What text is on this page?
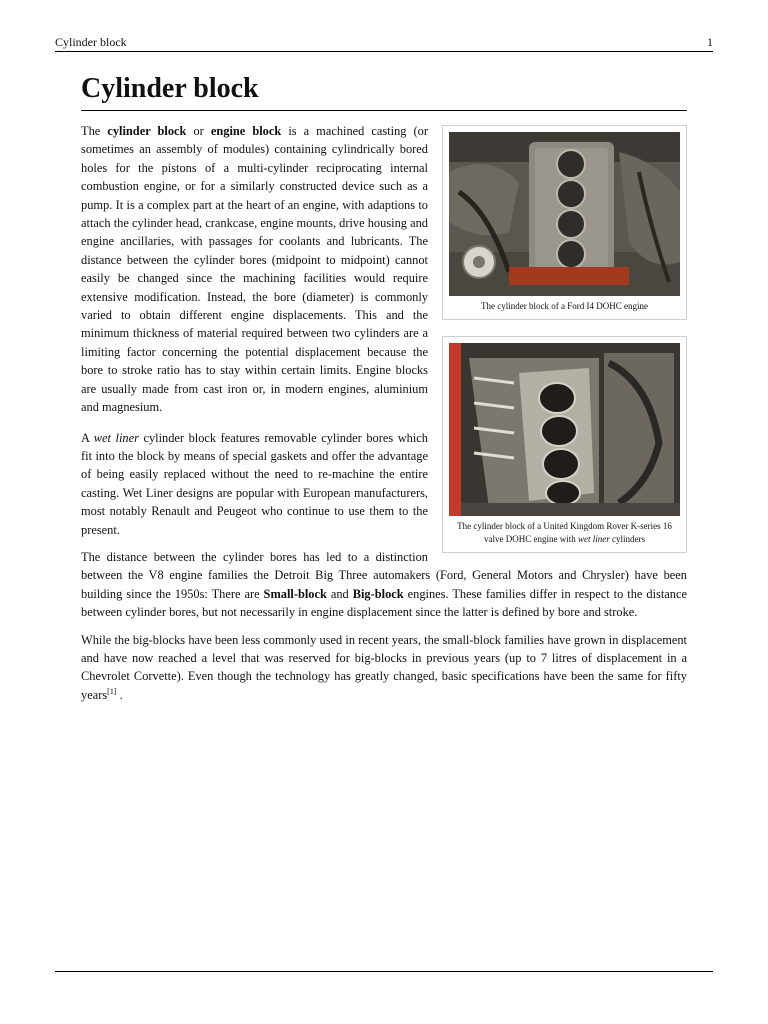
Cylinder block	1
Cylinder block
The cylinder block of a Ford I4 DOHC engine
The cylinder block of a United Kingdom Rover K-series 16 valve DOHC engine with wet liner cylinders

The cylinder block or engine block is a machined casting (or sometimes an assembly of modules) containing cylindrically bored holes for the pistons of a multi-cylinder reciprocating internal combustion engine, or for a similarly constructed device such as a pump. It is a complex part at the heart of an engine, with adaptions to attach the cylinder head, crankcase, engine mounts, drive housing and engine ancillaries, with passages for coolants and lubricants. The distance between the cylinder bores (midpoint to midpoint) cannot easily be changed since the machining facilities would require extensive modification. Instead, the bore (diameter) is commonly varied to obtain different engine displacements. This and the minimum thickness of material required between two cylinders are a limiting factor concerning the potential displacement because the bore to stroke ratio has to stay within certain limits. Engine blocks are usually made from cast iron or, in modern engines, aluminium and magnesium.

A wet liner cylinder block features removable cylinder bores which fit into the block by means of special gaskets and offer the advantage of being easily replaced without the need to re-machine the entire casting. Wet Liner designs are popular with European manufacturers, most notably Renault and Peugeot who continue to use them to the present.

The distance between the cylinder bores has led to a distinction between the V8 engine families the Detroit Big Three automakers (Ford, General Motors and Chrysler) have been building since the 1950s: There are Small-block and Big-block engines. These families differ in respect to the distance between cylinder bores, but not necessarily in engine displacement since the latter is defined by bore and stroke.

While the big-blocks have been less commonly used in recent years, the small-block families have grown in displacement and have now reached a level that was reserved for big-blocks in previous years (up to 7 litres of displacement in a Chevrolet Corvette). Even though the technology has greatly changed, basic specifications have been the same for fifty years[1] .
